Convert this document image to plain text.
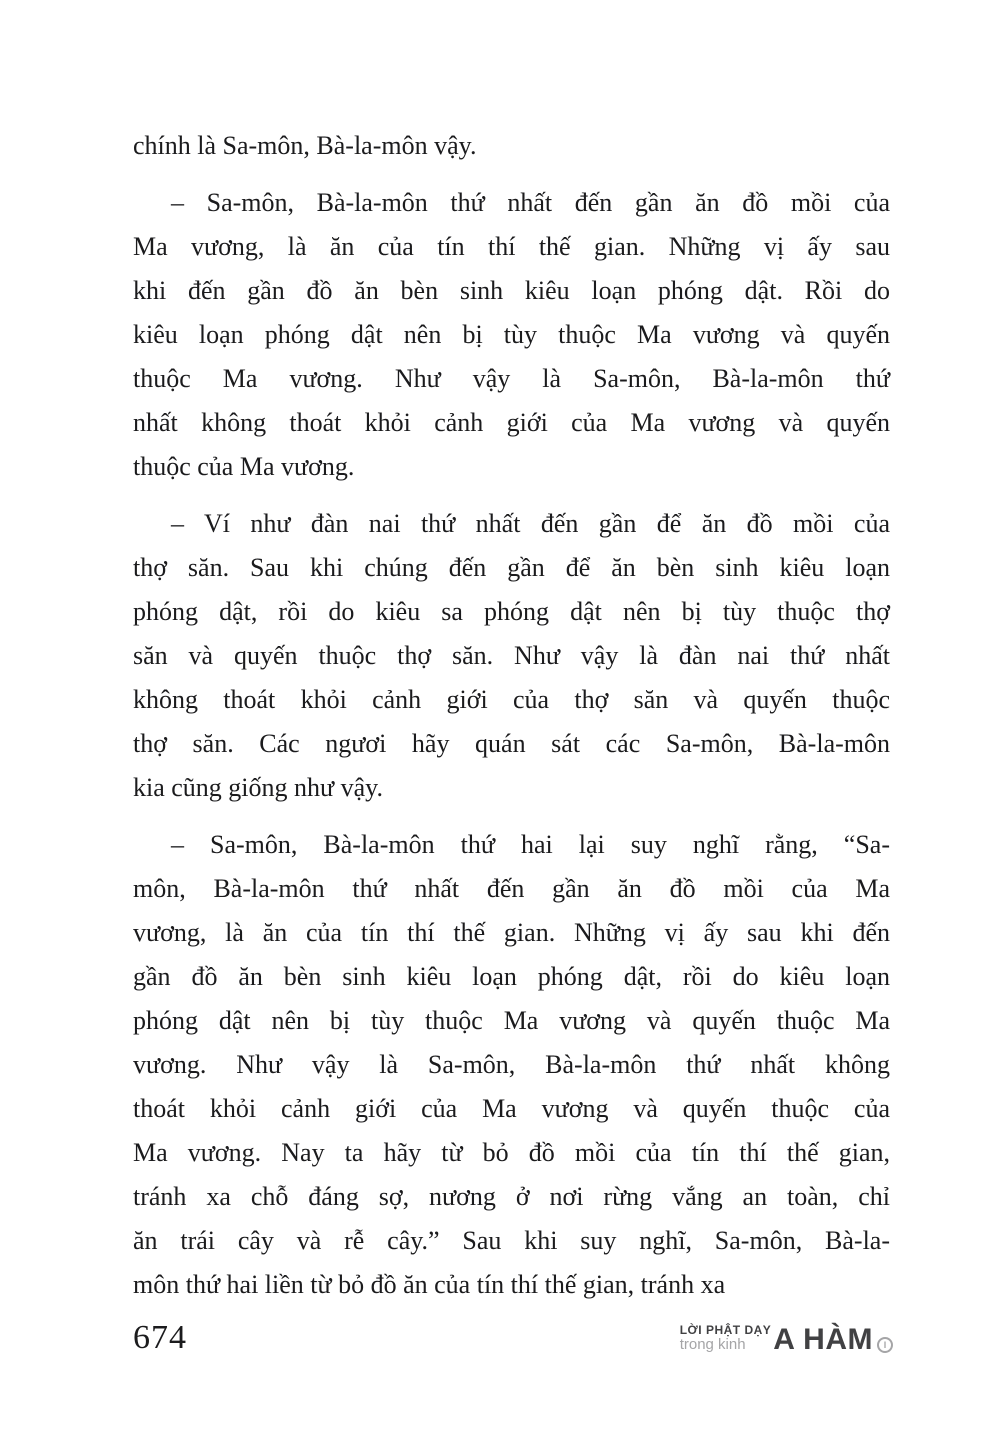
chính là Sa-môn, Bà-la-môn vậy.
– Sa-môn, Bà-la-môn thứ nhất đến gần ăn đồ mồi của
Ma vương, là ăn của tín thí thế gian. Những vị ấy sau
khi đến gần đồ ăn bèn sinh kiêu loạn phóng dật. Rồi do
kiêu loạn phóng dật nên bị tùy thuộc Ma vương và quyến
thuộc Ma vương. Như vậy là Sa-môn, Bà-la-môn thứ
nhất không thoát khỏi cảnh giới của Ma vương và quyến
thuộc của Ma vương.
– Ví như đàn nai thứ nhất đến gần để ăn đồ mồi của
thợ săn. Sau khi chúng đến gần để ăn bèn sinh kiêu loạn
phóng dật, rồi do kiêu sa phóng dật nên bị tùy thuộc thợ
săn và quyến thuộc thợ săn. Như vậy là đàn nai thứ nhất
không thoát khỏi cảnh giới của thợ săn và quyến thuộc
thợ săn. Các ngươi hãy quán sát các Sa-môn, Bà-la-môn
kia cũng giống như vậy.
– Sa-môn, Bà-la-môn thứ hai lại suy nghĩ rằng, “Sa-
môn, Bà-la-môn thứ nhất đến gần ăn đồ mồi của Ma
vương, là ăn của tín thí thế gian. Những vị ấy sau khi đến
gần đồ ăn bèn sinh kiêu loạn phóng dật, rồi do kiêu loạn
phóng dật nên bị tùy thuộc Ma vương và quyến thuộc Ma
vương. Như vậy là Sa-môn, Bà-la-môn thứ nhất không
thoát khỏi cảnh giới của Ma vương và quyến thuộc của
Ma vương. Nay ta hãy từ bỏ đồ mồi của tín thí thế gian,
tránh xa chỗ đáng sợ, nương ở nơi rừng vắng an toàn, chỉ
ăn trái cây và rễ cây.” Sau khi suy nghĩ, Sa-môn, Bà-la-
môn thứ hai liền từ bỏ đồ ăn của tín thí thế gian, tránh xa
674	LỜI PHẬT DẠY
trong kinh A HÀM I
